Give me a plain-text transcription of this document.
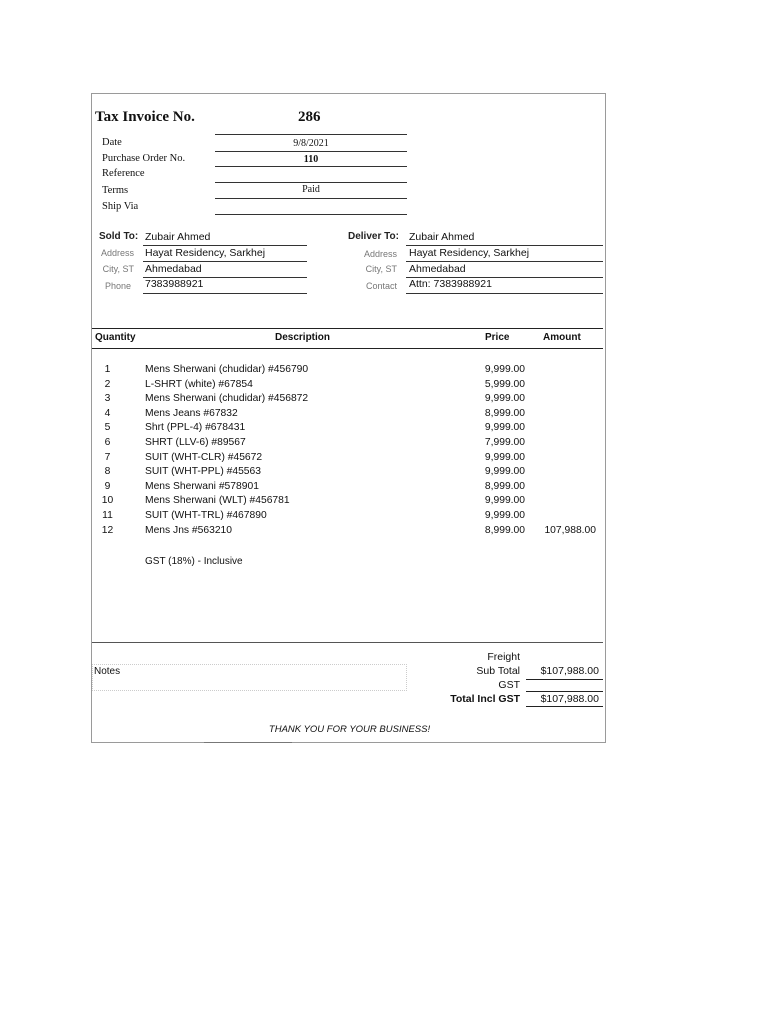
Tax Invoice No.	286
Date	9/8/2021
Purchase Order No.	110
Reference
Terms	Paid
Ship Via
Sold To: Zubair Ahmed
Address Hayat Residency, Sarkhej
City, ST Ahmedabad
Phone 7383988921
Deliver To: Zubair Ahmed
Address Hayat Residency, Sarkhej
City, ST Ahmedabad
Contact Attn: 7383988921
Quantity	Description	Price	Amount
1	Mens Sherwani (chudidar) #456790	9,999.00
2	L-SHRT (white) #67854	5,999.00
3	Mens Sherwani (chudidar) #456872	9,999.00
4	Mens Jeans #67832	8,999.00
5	Shrt (PPL-4) #678431	9,999.00
6	SHRT (LLV-6) #89567	7,999.00
7	SUIT (WHT-CLR) #45672	9,999.00
8	SUIT (WHT-PPL) #45563	9,999.00
9	Mens Sherwani #578901	8,999.00
10	Mens Sherwani (WLT) #456781	9,999.00
11	SUIT (WHT-TRL) #467890	9,999.00
12	Mens Jns #563210	8,999.00 107,988.00
GST (18%) - Inclusive
Notes
Freight
Sub Total $107,988.00
GST
Total Incl GST $107,988.00
THANK YOU FOR YOUR BUSINESS!
